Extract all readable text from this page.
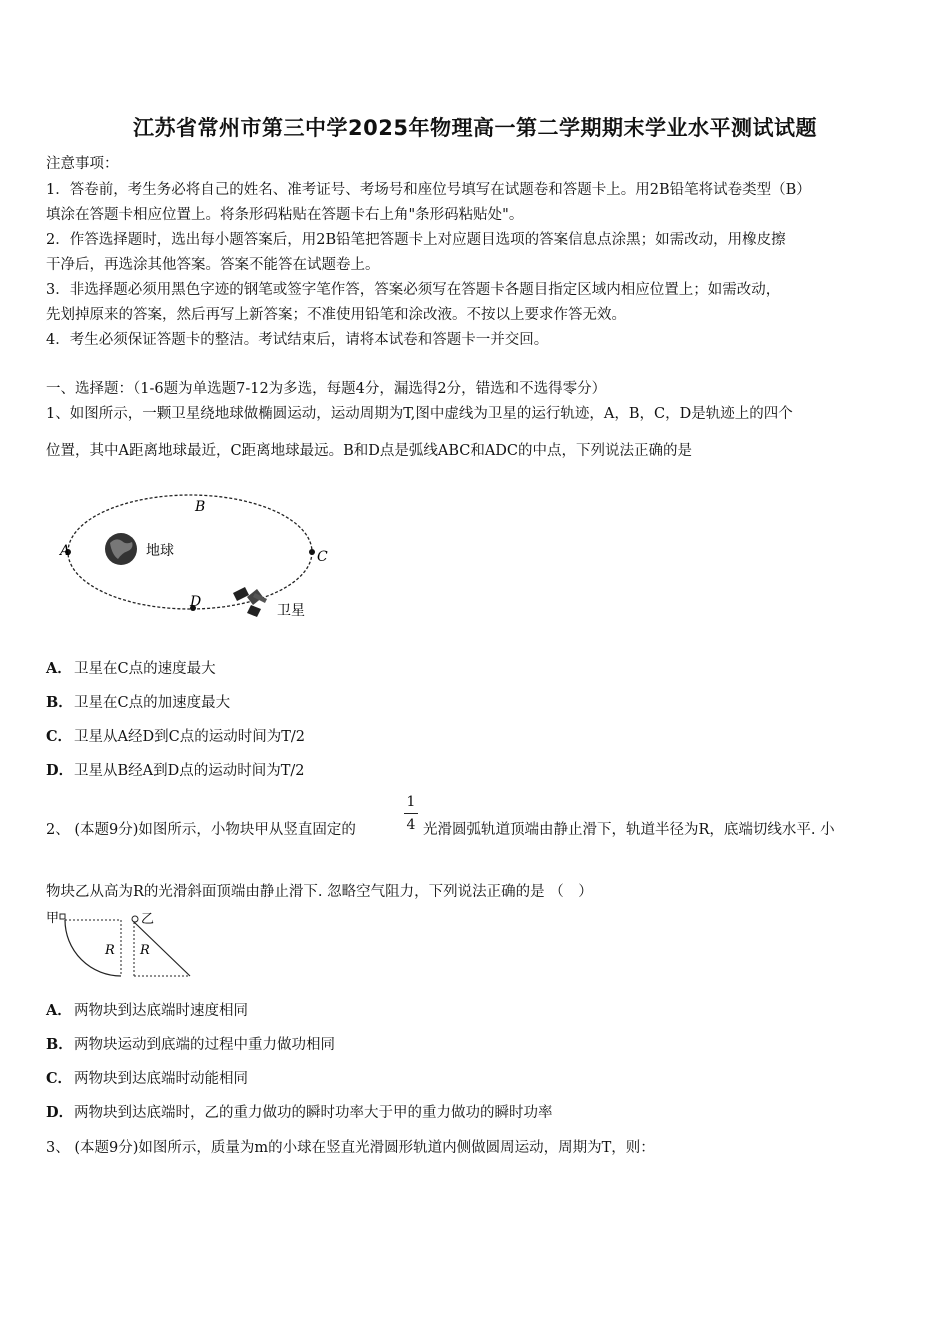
江苏省常州市第三中学2025年物理高一第二学期期末学业水平测试试题
注意事项：
1．答卷前，考生务必将自己的姓名、准考证号、考场号和座位号填写在试题卷和答题卡上。用2B铅笔将试卷类型（B）
填涂在答题卡相应位置上。将条形码粘贴在答题卡右上角"条形码粘贴处"。
2．作答选择题时，选出每小题答案后，用2B铅笔把答题卡上对应题目选项的答案信息点涂黑；如需改动，用橡皮擦
干净后，再选涂其他答案。答案不能答在试题卷上。
3．非选择题必须用黑色字迹的钢笔或签字笔作答，答案必须写在答题卡各题目指定区域内相应位置上；如需改动，
先划掉原来的答案，然后再写上新答案；不准使用铅笔和涂改液。不按以上要求作答无效。
4．考生必须保证答题卡的整洁。考试结束后，请将本试卷和答题卡一并交回。
一、选择题：（1-6题为单选题7-12为多选，每题4分，漏选得2分，错选和不选得零分）
1、如图所示，一颗卫星绕地球做椭圆运动，运动周期为T,图中虚线为卫星的运行轨迹，A，B，C，D是轨迹上的四个
位置，其中A距离地球最近，C距离地球最远。B和D点是弧线ABC和ADC的中点，下列说法正确的是
A
B
C
D
地球
卫星
A． 卫星在C点的速度最大
B．卫星在C点的加速度最大
C． 卫星从A经D到C点的运动时间为T/2
D．卫星从B经A到D点的运动时间为T/2
2、 (本题9分)如图所示，小物块甲从竖直固定的
1
4 光滑圆弧轨道顶端由静止滑下，轨道半径为R，底端切线水平. 小
物块乙从高为R的光滑斜面顶端由静止滑下. 忽略空气阻力，下列说法正确的是 （　）
甲
R
乙
R
A． 两物块到达底端时速度相同
B．两物块运动到底端的过程中重力做功相同
C． 两物块到达底端时动能相同
D．两物块到达底端时，乙的重力做功的瞬时功率大于甲的重力做功的瞬时功率
3、 (本题9分)如图所示，质量为m的小球在竖直光滑圆形轨道内侧做圆周运动，周期为T，则：
